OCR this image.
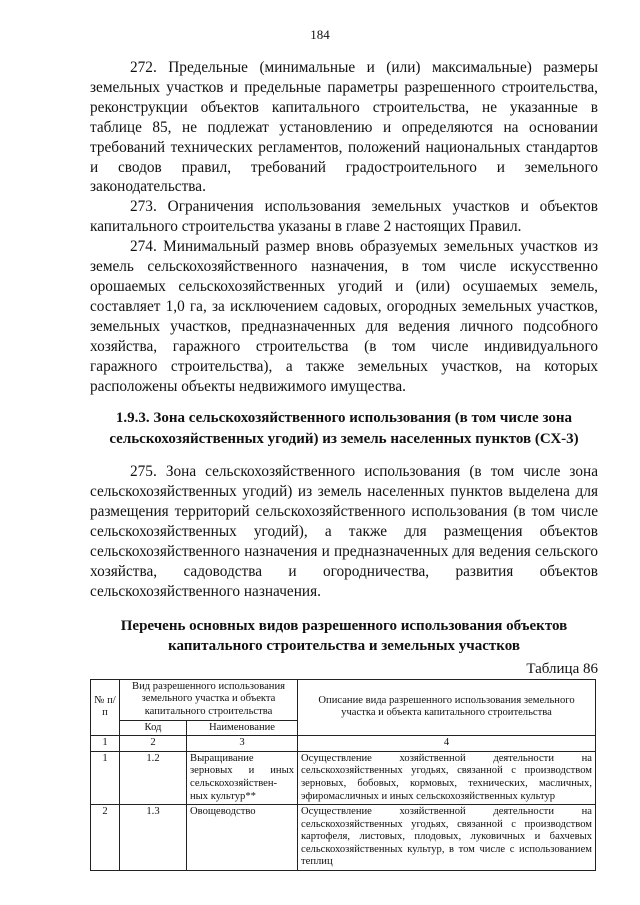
184

272. Предельные (минимальные и (или) максимальные) размеры земельных участков и предельные параметры разрешенного строительства, реконструкции объектов капитального строительства, не указанные в таблице 85, не подлежат установлению и определяются на основании требований технических регламентов, положений национальных стандартов и сводов правил, требований градостроительного и земельного законодательства.

273. Ограничения использования земельных участков и объектов капитального строительства указаны в главе 2 настоящих Правил.

274. Минимальный размер вновь образуемых земельных участков из земель сельскохозяйственного назначения, в том числе искусственно орошаемых сельскохозяйственных угодий и (или) осушаемых земель, составляет 1,0 га, за исключением садовых, огородных земельных участков, земельных участков, предназначенных для ведения личного подсобного хозяйства, гаражного строительства (в том числе индивидуального гаражного строительства), а также земельных участков, на которых расположены объекты недвижимого имущества.

1.9.3. Зона сельскохозяйственного использования (в том числе зона сельскохозяйственных угодий) из земель населенных пунктов (СХ-3)

275. Зона сельскохозяйственного использования (в том числе зона сельскохозяйственных угодий) из земель населенных пунктов выделена для размещения территорий сельскохозяйственного использования (в том числе сельскохозяйственных угодий), а также для размещения объектов сельскохозяйственного назначения и предназначенных для ведения сельского хозяйства, садоводства и огородничества, развития объектов сельскохозяйственного назначения.

Перечень основных видов разрешенного использования объектов капитального строительства и земельных участков

Таблица 86
№ п/п	Вид разрешенного использования земельного участка и объекта капитального строительства		Описание вида разрешенного использования земельного участка и объекта капитального строительства
	Код	Наименование	
1	2	3	4
1	1.2	Выращивание зерновых и иных сельскохозяйствен-ных культур**	Осуществление хозяйственной деятельности на сельскохозяйственных угодьях, связанной с производством зерновых, бобовых, кормовых, технических, масличных, эфиромасличных и иных сельскохозяйственных культур
2	1.3	Овощеводство	Осуществление хозяйственной деятельности на сельскохозяйственных угодьях, связанной с производством картофеля, листовых, плодовых, луковичных и бахчевых сельскохозяйственных культур, в том числе с использованием теплиц
